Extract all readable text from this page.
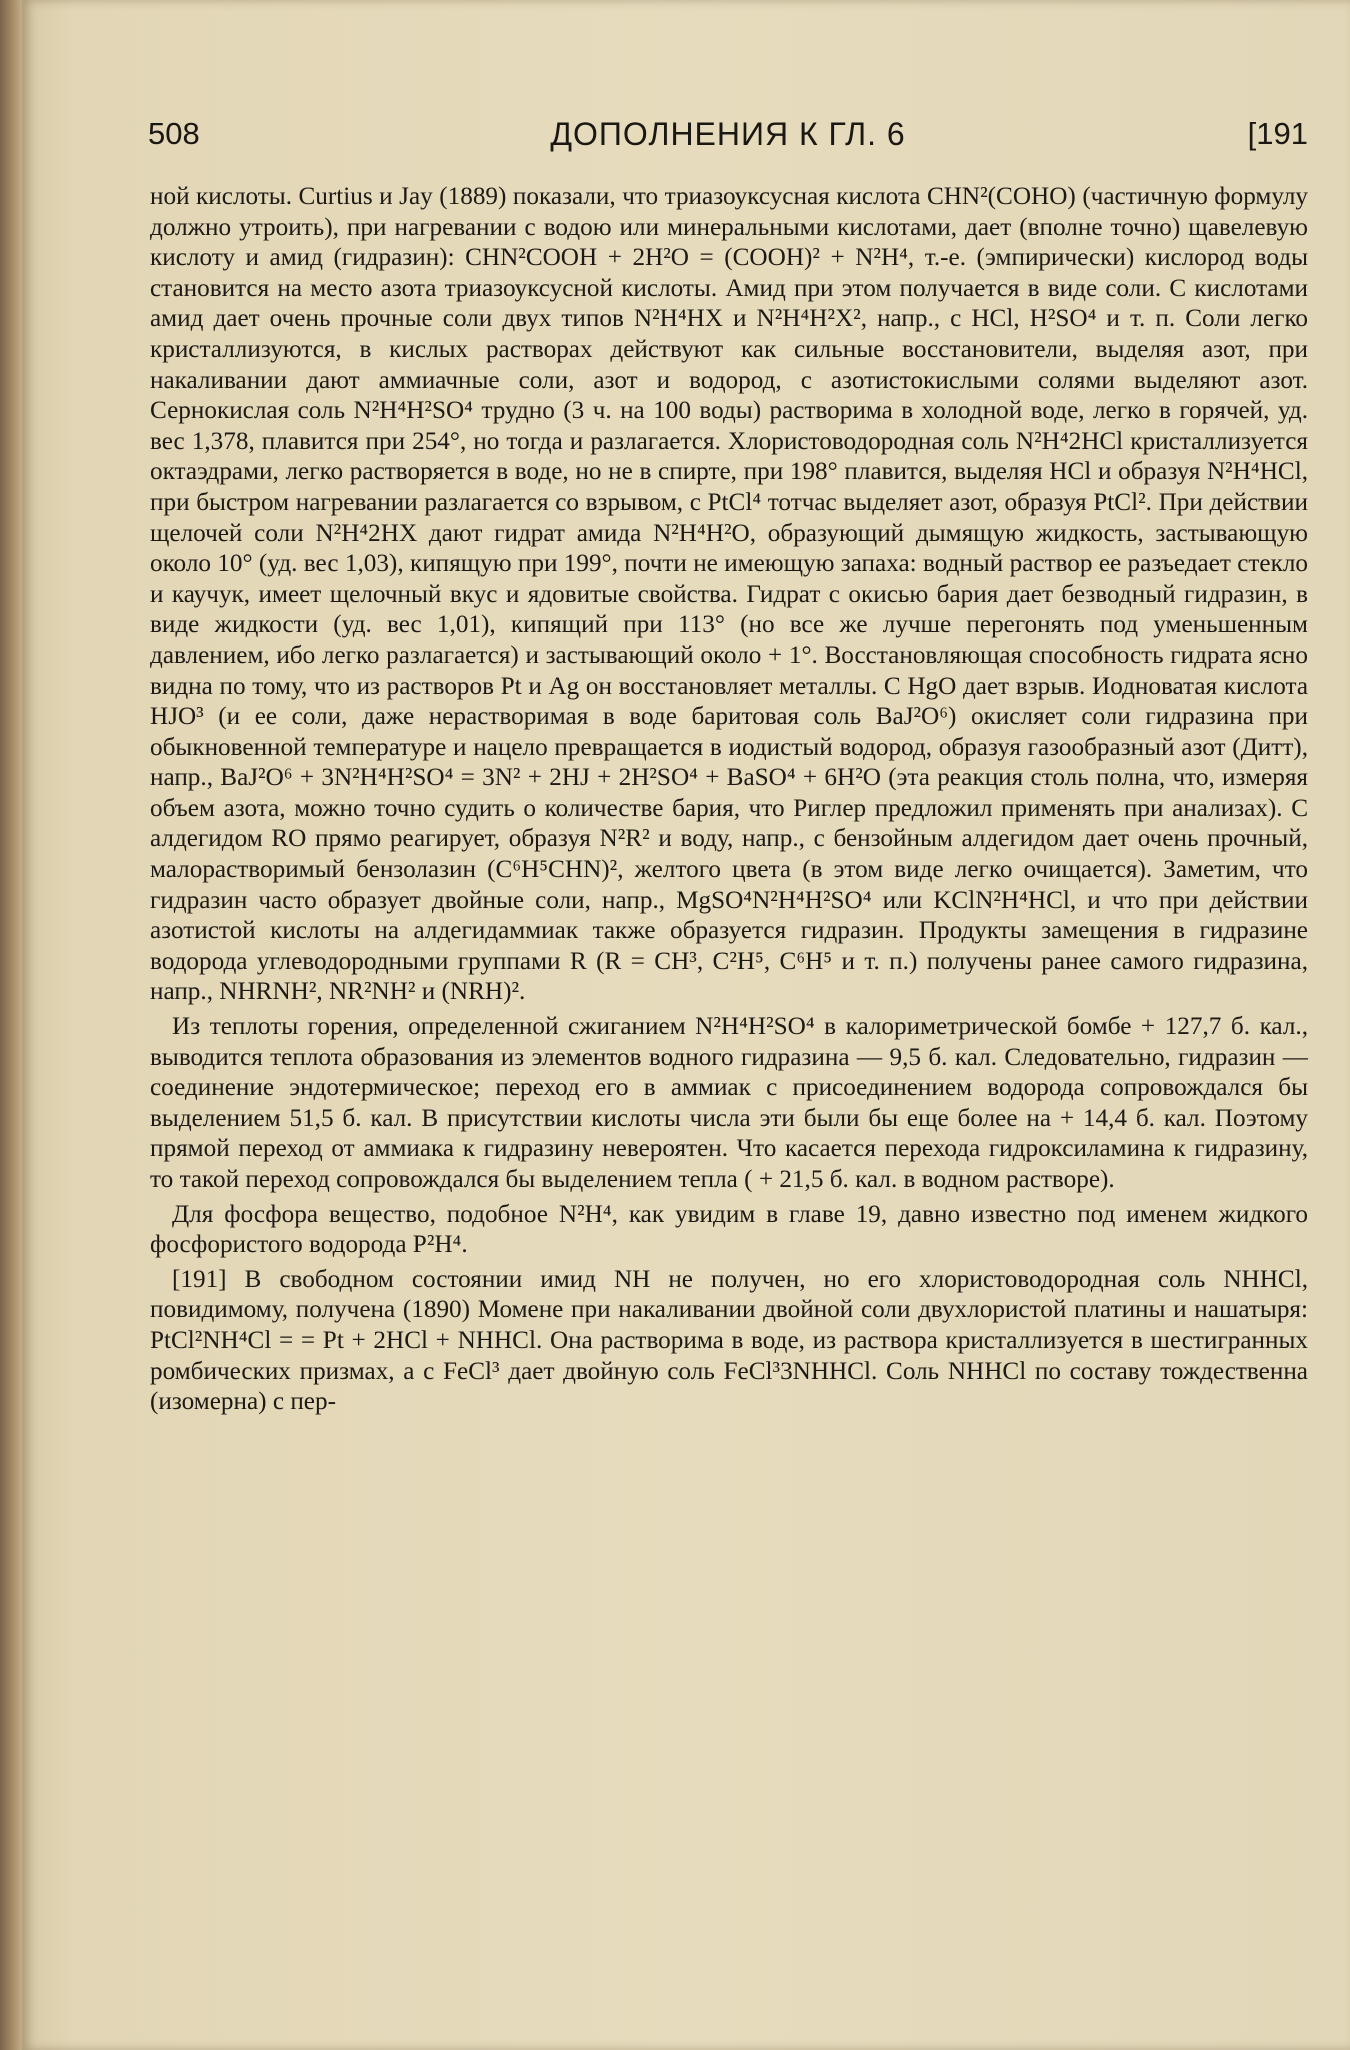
508	ДОПОЛНЕНИЯ К ГЛ. 6	[191

ной кислоты. Curtius и Jay (1889) показали, что триазоуксусная кислота CHN²(COHO) (частичную формулу должно утроить), при нагревании с водою или минеральными кислотами, дает (вполне точно) щавелевую кислоту и амид (гидразин): CHN²COOH + 2H²O = (COOH)² + N²H⁴, т.-е. (эмпирически) кислород воды становится на место азота триазоуксусной кислоты. Амид при этом получается в виде соли. С кислотами амид дает очень прочные соли двух типов N²H⁴HX и N²H⁴H²X², напр., с HCl, H²SO⁴ и т. п. Соли легко кристаллизуются, в кислых растворах действуют как сильные восстановители, выделяя азот, при накаливании дают аммиачные соли, азот и водород, с азотистокислыми солями выделяют азот. Сернокислая соль N²H⁴H²SO⁴ трудно (3 ч. на 100 воды) растворима в холодной воде, легко в горячей, уд. вес 1,378, плавится при 254°, но тогда и разлагается. Хлористоводородная соль N²H⁴2HCl кристаллизуется октаэдрами, легко растворяется в воде, но не в спирте, при 198° плавится, выделяя HCl и образуя N²H⁴HCl, при быстром нагревании разлагается со взрывом, с PtCl⁴ тотчас выделяет азот, образуя PtCl². При действии щелочей соли N²H⁴2HX дают гидрат амида N²H⁴H²O, образующий дымящую жидкость, застывающую около 10° (уд. вес 1,03), кипящую при 199°, почти не имеющую запаха: водный раствор ее разъедает стекло и каучук, имеет щелочный вкус и ядовитые свойства. Гидрат с окисью бария дает безводный гидразин, в виде жидкости (уд. вес 1,01), кипящий при 113° (но все же лучше перегонять под уменьшенным давлением, ибо легко разлагается) и застывающий около + 1°. Восстановляющая способность гидрата ясно видна по тому, что из растворов Pt и Ag он восстановляет металлы. С HgO дает взрыв. Иодноватая кислота HJO³ (и ее соли, даже нерастворимая в воде баритовая соль BaJ²O⁶) окисляет соли гидразина при обыкновенной температуре и нацело превращается в иодистый водород, образуя газообразный азот (Дитт), напр., BaJ²O⁶ + 3N²H⁴H²SO⁴ = 3N² + 2HJ + 2H²SO⁴ + BaSO⁴ + 6H²O (эта реакция столь полна, что, измеряя объем азота, можно точно судить о количестве бария, что Риглер предложил применять при анализах). С алдегидом RO прямо реагирует, образуя N²R² и воду, напр., с бензойным алдегидом дает очень прочный, малорастворимый бензолазин (C⁶H⁵CHN)², желтого цвета (в этом виде легко очищается). Заметим, что гидразин часто образует двойные соли, напр., MgSO⁴N²H⁴H²SO⁴ или KClN²H⁴HCl, и что при действии азотистой кислоты на алдегидаммиак также образуется гидразин. Продукты замещения в гидразине водорода углеводородными группами R (R = CH³, C²H⁵, C⁶H⁵ и т. п.) получены ранее самого гидразина, напр., NHRNH², NR²NH² и (NRH)².

Из теплоты горения, определенной сжиганием N²H⁴H²SO⁴ в калориметрической бомбе + 127,7 б. кал., выводится теплота образования из элементов водного гидразина — 9,5 б. кал. Следовательно, гидразин — соединение эндотермическое; переход его в аммиак с присоединением водорода сопровождался бы выделением 51,5 б. кал. В присутствии кислоты числа эти были бы еще более на + 14,4 б. кал. Поэтому прямой переход от аммиака к гидразину невероятен. Что касается перехода гидроксиламина к гидразину, то такой переход сопровождался бы выделением тепла ( + 21,5 б. кал. в водном растворе).

Для фосфора вещество, подобное N²H⁴, как увидим в главе 19, давно известно под именем жидкого фосфористого водорода P²H⁴.

[191] В свободном состоянии имид NH не получен, но его хлористоводородная соль NHHCl, повидимому, получена (1890) Момене при накаливании двойной соли двухлористой платины и нашатыря: PtCl²NH⁴Cl = = Pt + 2HCl + NHHCl. Она растворима в воде, из раствора кристаллизуется в шестигранных ромбических призмах, а с FeCl³ дает двойную соль FeCl³3NHHCl. Соль NHHCl по составу тождественна (изомерна) с пер-
